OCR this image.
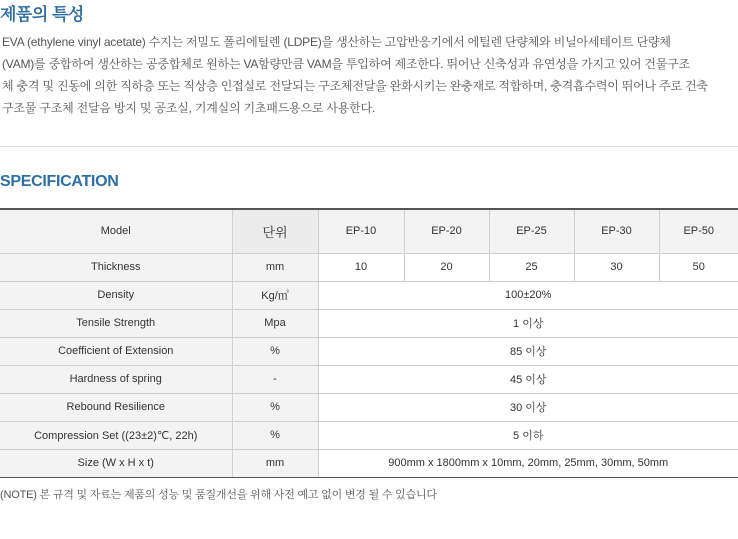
제품의 특성
EVA (ethylene vinyl acetate) 수지는 저밀도 폴리에틸렌 (LDPE)을 생산하는 고압반응기에서 에틸렌 단량체와 비닐아세테이트 단량체
(VAM)를 중합하여 생산하는 공중합체로 원하는 VA함량만큼 VAM을 투입하여 제조한다. 뛰어난 신축성과 유연성을 가지고 있어 건물구조
체 충격 및 진동에 의한 직하층 또는 직상층 인접실로 전달되는 구조체전달을 완화시키는 완충재로 적합하며, 충격흡수력이 뛰어나 주로 건축
구조물 구조체 전달음 방지 및 공조실, 기계실의 기초패드용으로 사용한다.
SPECIFICATION
Model	단위	EP-10	EP-20	EP-25	EP-30	EP-50
Thickness	mm	10	20	25	30	50
Density	Kg/㎥	100±20%				
Tensile Strength	Mpa	1 이상				
Coefficient of Extension	%	85 이상				
Hardness of spring	-	45 이상				
Rebound Resilience	%	30 이상				
Compression Set ((23±2)℃, 22h)	%	5 이하				
Size (W x H x t)	mm	900mm x 1800mm x 10mm, 20mm, 25mm, 30mm, 50mm				
(NOTE) 본 규격 및 자료는 제품의 성능 및 품질개선을 위해 사전 예고 없이 변경 될 수 있습니다
